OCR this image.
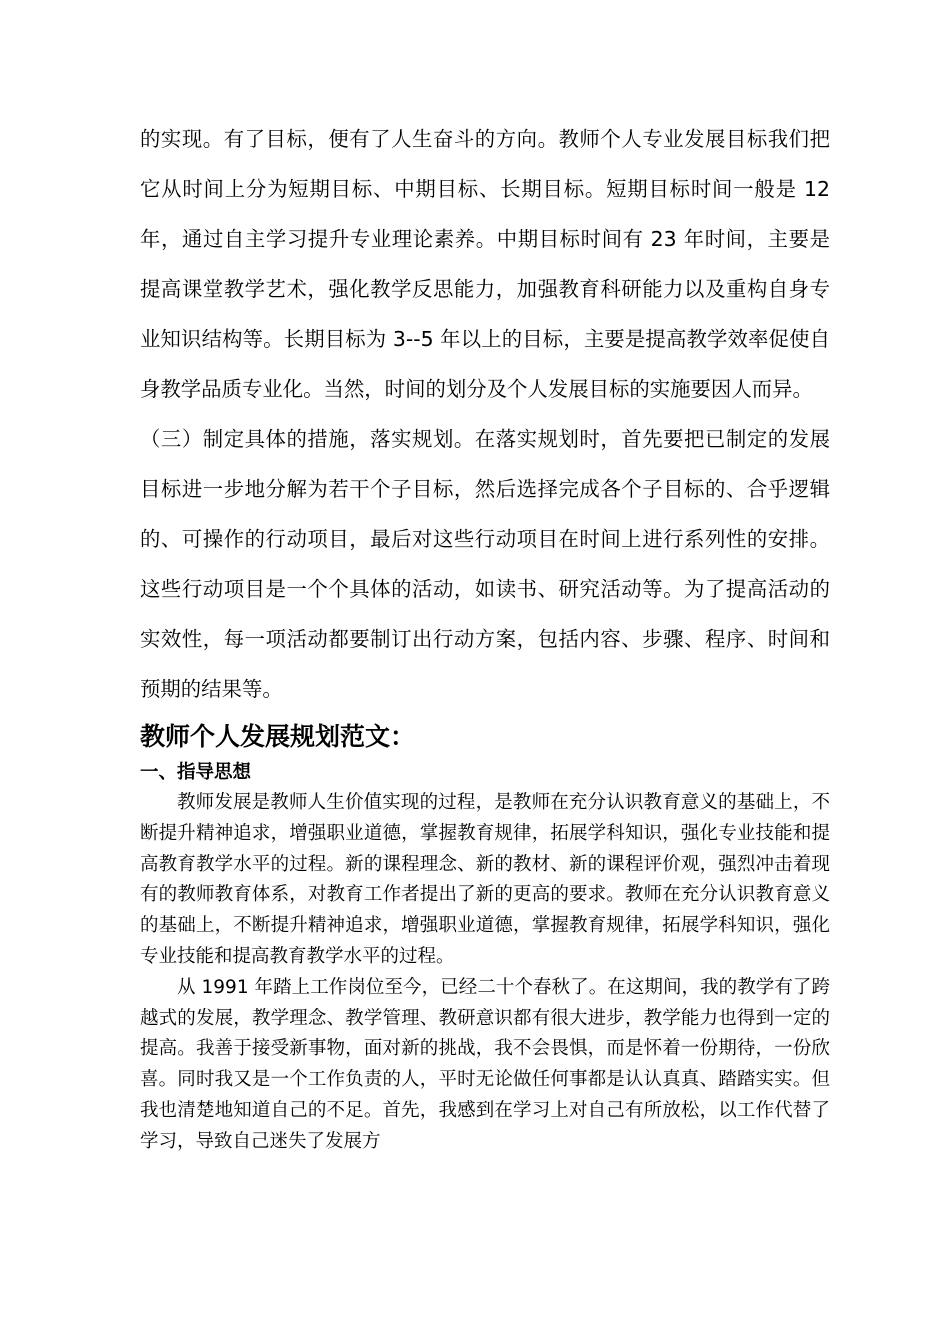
的实现。有了目标，便有了人生奋斗的方向。教师个人专业发展目标我们把它从时间上分为短期目标、中期目标、长期目标。短期目标时间一般是 12 年，通过自主学习提升专业理论素养。中期目标时间有 23 年时间，主要是提高课堂教学艺术，强化教学反思能力，加强教育科研能力以及重构自身专业知识结构等。长期目标为 3--5 年以上的目标，主要是提高教学效率促使自身教学品质专业化。当然，时间的划分及个人发展目标的实施要因人而异。

（三）制定具体的措施，落实规划。在落实规划时，首先要把已制定的发展目标进一步地分解为若干个子目标，然后选择完成各个子目标的、合乎逻辑的、可操作的行动项目，最后对这些行动项目在时间上进行系列性的安排。这些行动项目是一个个具体的活动，如读书、研究活动等。为了提高活动的实效性，每一项活动都要制订出行动方案，包括内容、步骤、程序、时间和预期的结果等。

教师个人发展规划范文：
一、指导思想

教师发展是教师人生价值实现的过程，是教师在充分认识教育意义的基础上，不断提升精神追求，增强职业道德，掌握教育规律，拓展学科知识，强化专业技能和提高教育教学水平的过程。新的课程理念、新的教材、新的课程评价观，强烈冲击着现有的教师教育体系，对教育工作者提出了新的更高的要求。教师在充分认识教育意义的基础上，不断提升精神追求，增强职业道德，掌握教育规律，拓展学科知识，强化专业技能和提高教育教学水平的过程。

从 1991 年踏上工作岗位至今，已经二十个春秋了。在这期间，我的教学有了跨越式的发展，教学理念、教学管理、教研意识都有很大进步，教学能力也得到一定的提高。我善于接受新事物，面对新的挑战，我不会畏惧，而是怀着一份期待，一份欣喜。同时我又是一个工作负责的人，平时无论做任何事都是认认真真、踏踏实实。但我也清楚地知道自己的不足。首先，我感到在学习上对自己有所放松，以工作代替了学习，导致自己迷失了发展方
